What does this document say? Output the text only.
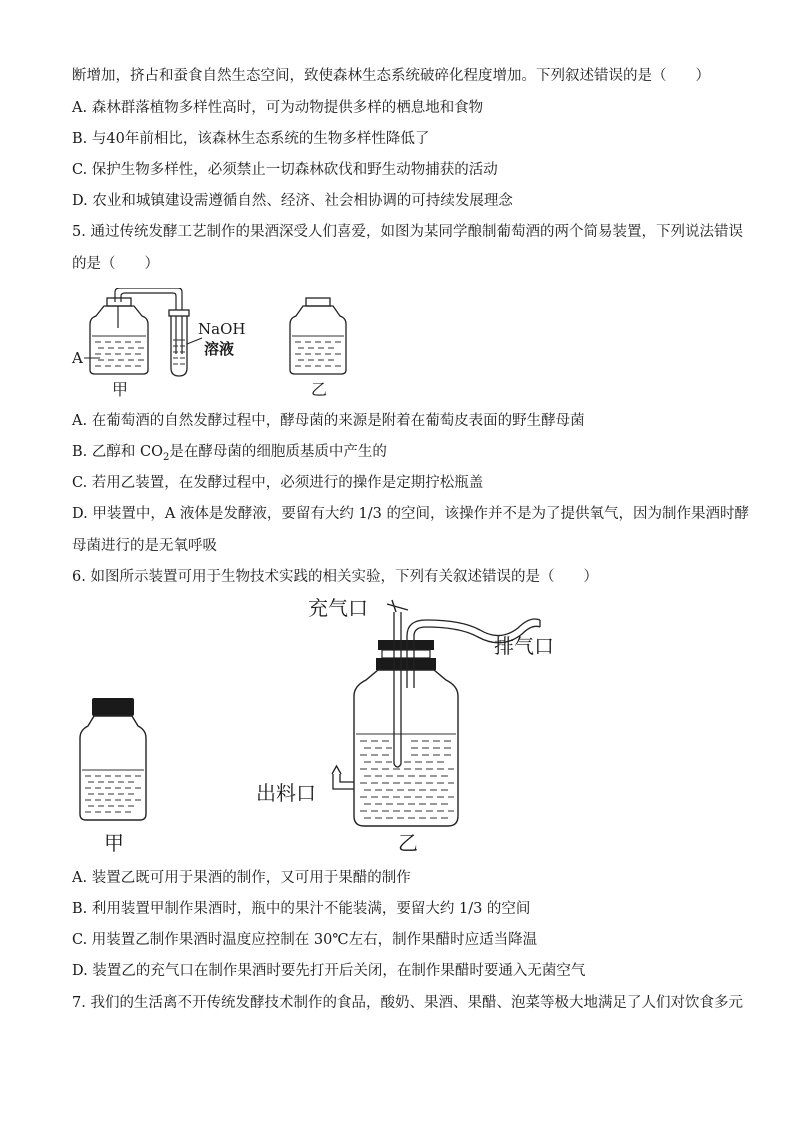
断增加，挤占和蚕食自然生态空间，致使森林生态系统破碎化程度增加。下列叙述错误的是（　　）
A. 森林群落植物多样性高时，可为动物提供多样的栖息地和食物
B. 与40年前相比，该森林生态系统的生物多样性降低了
C. 保护生物多样性，必须禁止一切森林砍伐和野生动物捕获的活动
D. 农业和城镇建设需遵循自然、经济、社会相协调的可持续发展理念
5. 通过传统发酵工艺制作的果酒深受人们喜爱，如图为某同学酿制葡萄酒的两个简易装置，下列说法错误
的是（　　）
NaOH
溶液
A
甲	乙
A. 在葡萄酒的自然发酵过程中，酵母菌的来源是附着在葡萄皮表面的野生酵母菌
B. 乙醇和 $CO_2$是在酵母菌的细胞质基质中产生的
C. 若用乙装置，在发酵过程中，必须进行的操作是定期拧松瓶盖
D. 甲装置中，A 液体是发酵液，要留有大约 1/3 的空间，该操作并不是为了提供氧气，因为制作果酒时酵
母菌进行的是无氧呼吸
6. 如图所示装置可用于生物技术实践的相关实验，下列有关叙述错误的是（　　）
甲
充气口
排气口
出料口
乙
A. 装置乙既可用于果酒的制作，又可用于果醋的制作
B. 利用装置甲制作果酒时，瓶中的果汁不能装满，要留大约 1/3 的空间
C. 用装置乙制作果酒时温度应控制在 30℃左右，制作果醋时应适当降温
D. 装置乙的充气口在制作果酒时要先打开后关闭，在制作果醋时要通入无菌空气
7. 我们的生活离不开传统发酵技术制作的食品，酸奶、果酒、果醋、泡菜等极大地满足了人们对饮食多元
